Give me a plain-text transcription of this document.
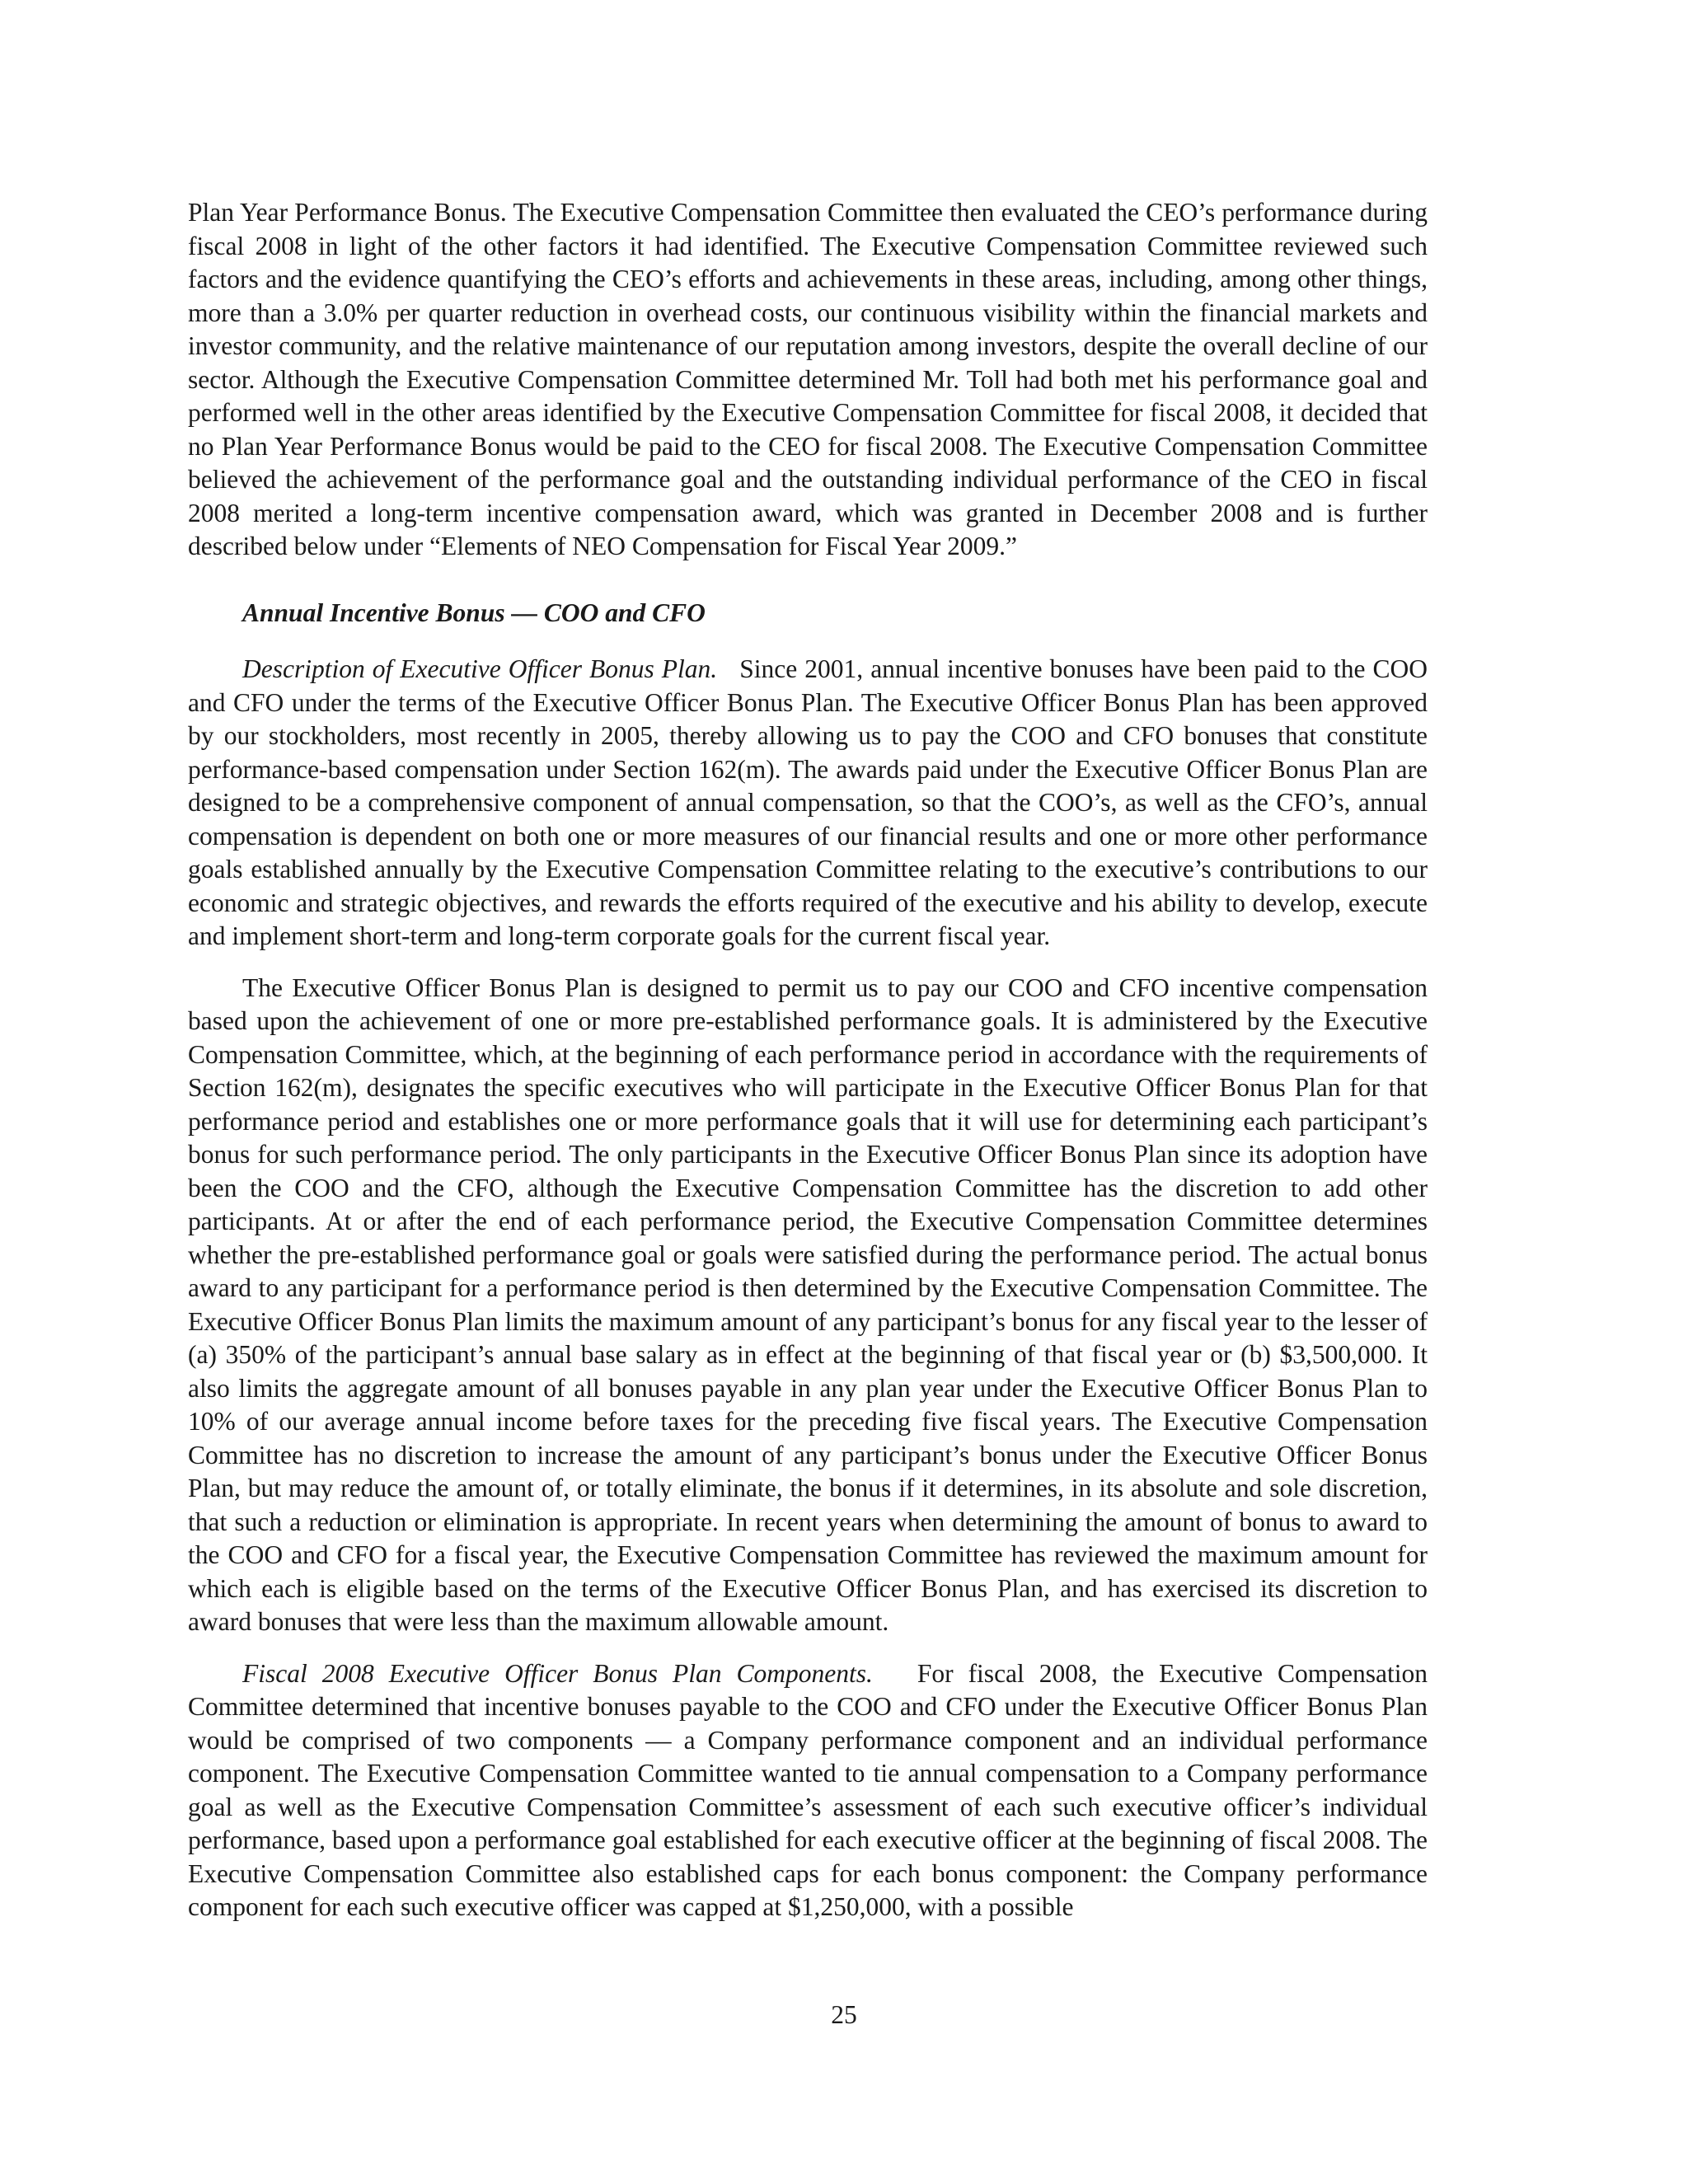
Plan Year Performance Bonus. The Executive Compensation Committee then evaluated the CEO’s performance during fiscal 2008 in light of the other factors it had identified. The Executive Compensation Committee reviewed such factors and the evidence quantifying the CEO’s efforts and achievements in these areas, including, among other things, more than a 3.0% per quarter reduction in overhead costs, our continuous visibility within the financial markets and investor community, and the relative maintenance of our reputation among investors, despite the overall decline of our sector. Although the Executive Compensation Committee determined Mr. Toll had both met his performance goal and performed well in the other areas identified by the Executive Compensation Committee for fiscal 2008, it decided that no Plan Year Performance Bonus would be paid to the CEO for fiscal 2008. The Executive Compensation Committee believed the achievement of the performance goal and the outstanding individual performance of the CEO in fiscal 2008 merited a long-term incentive compensation award, which was granted in December 2008 and is further described below under “Elements of NEO Compensation for Fiscal Year 2009.”

Annual Incentive Bonus — COO and CFO

Description of Executive Officer Bonus Plan. Since 2001, annual incentive bonuses have been paid to the COO and CFO under the terms of the Executive Officer Bonus Plan. The Executive Officer Bonus Plan has been approved by our stockholders, most recently in 2005, thereby allowing us to pay the COO and CFO bonuses that constitute performance-based compensation under Section 162(m). The awards paid under the Executive Officer Bonus Plan are designed to be a comprehensive component of annual compensation, so that the COO’s, as well as the CFO’s, annual compensation is dependent on both one or more measures of our financial results and one or more other performance goals established annually by the Executive Compensation Committee relating to the executive’s contributions to our economic and strategic objectives, and rewards the efforts required of the executive and his ability to develop, execute and implement short-term and long-term corporate goals for the current fiscal year.

The Executive Officer Bonus Plan is designed to permit us to pay our COO and CFO incentive compensation based upon the achievement of one or more pre-established performance goals. It is administered by the Executive Compensation Committee, which, at the beginning of each performance period in accordance with the requirements of Section 162(m), designates the specific executives who will participate in the Executive Officer Bonus Plan for that performance period and establishes one or more performance goals that it will use for determining each participant’s bonus for such performance period. The only participants in the Executive Officer Bonus Plan since its adoption have been the COO and the CFO, although the Executive Compensation Committee has the discretion to add other participants. At or after the end of each performance period, the Executive Compensation Committee determines whether the pre-established performance goal or goals were satisfied during the performance period. The actual bonus award to any participant for a performance period is then determined by the Executive Compensation Committee. The Executive Officer Bonus Plan limits the maximum amount of any participant’s bonus for any fiscal year to the lesser of (a) 350% of the participant’s annual base salary as in effect at the beginning of that fiscal year or (b) $3,500,000. It also limits the aggregate amount of all bonuses payable in any plan year under the Executive Officer Bonus Plan to 10% of our average annual income before taxes for the preceding five fiscal years. The Executive Compensation Committee has no discretion to increase the amount of any participant’s bonus under the Executive Officer Bonus Plan, but may reduce the amount of, or totally eliminate, the bonus if it determines, in its absolute and sole discretion, that such a reduction or elimination is appropriate. In recent years when determining the amount of bonus to award to the COO and CFO for a fiscal year, the Executive Compensation Committee has reviewed the maximum amount for which each is eligible based on the terms of the Executive Officer Bonus Plan, and has exercised its discretion to award bonuses that were less than the maximum allowable amount.

Fiscal 2008 Executive Officer Bonus Plan Components. For fiscal 2008, the Executive Compensation Committee determined that incentive bonuses payable to the COO and CFO under the Executive Officer Bonus Plan would be comprised of two components — a Company performance component and an individual performance component. The Executive Compensation Committee wanted to tie annual compensation to a Company performance goal as well as the Executive Compensation Committee’s assessment of each such executive officer’s individual performance, based upon a performance goal established for each executive officer at the beginning of fiscal 2008. The Executive Compensation Committee also established caps for each bonus component: the Company performance component for each such executive officer was capped at $1,250,000, with a possible

25
